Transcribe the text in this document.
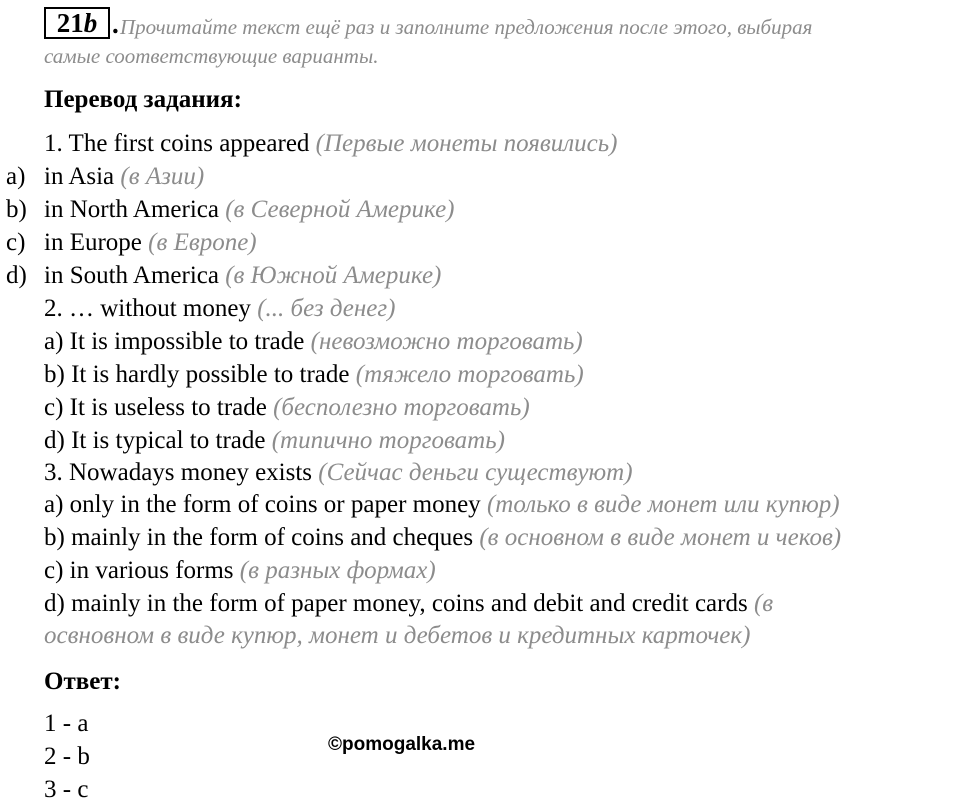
21b . Прочитайте текст ещё раз и заполните предложения после этого, выбирая
самые соответствующие варианты.
Перевод задания:
1. The first coins appeared (Первые монеты появились)
a) in Asia (в Азии)
b) in North America (в Северной Америке)
c) in Europe (в Европе)
d) in South America (в Южной Америке)
2. … without money (... без денег)
a) It is impossible to trade (невозможно торговать)
b) It is hardly possible to trade (тяжело торговать)
c) It is useless to trade (бесполезно торговать)
d) It is typical to trade (типично торговать)
3. Nowadays money exists (Сейчас деньги существуют)
a) only in the form of coins or paper money (только в виде монет или купюр)
b) mainly in the form of coins and cheques (в основном в виде монет и чеков)
c) in various forms (в разных формах)
d) mainly in the form of paper money, coins and debit and credit cards (в
освновном в виде купюр, монет и дебетов и кредитных карточек)
Ответ:
1 - a
2 - b
3 - c
©pomogalka.me
